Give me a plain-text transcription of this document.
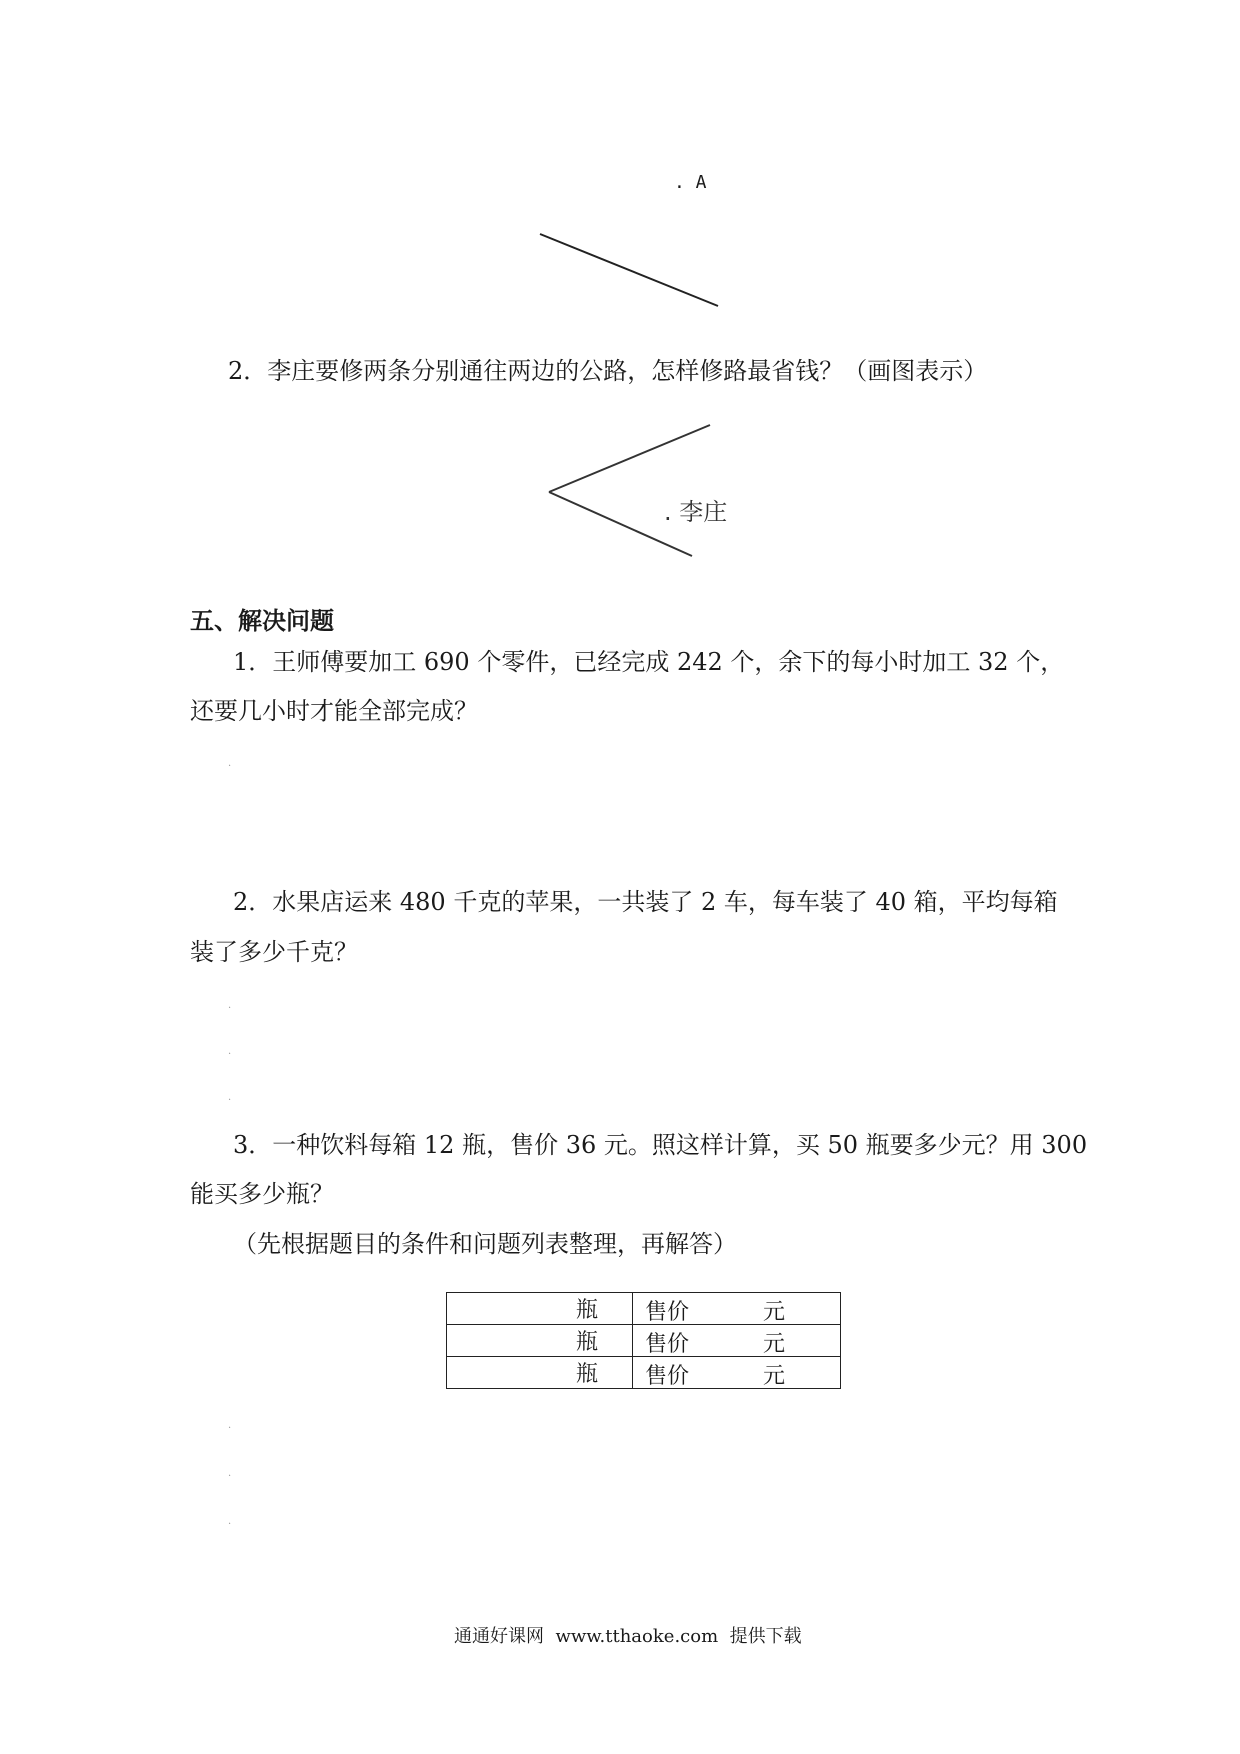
. A
2．李庄要修两条分别通往两边的公路，怎样修路最省钱？（画图表示）
. 李庄
五、解决问题
1．王师傅要加工 690 个零件，已经完成 242 个，余下的每小时加工 32 个，
还要几小时才能全部完成？
.
2．水果店运来 480 千克的苹果，一共装了 2 车，每车装了 40 箱，平均每箱
装了多少千克？
.
.
.
3．一种饮料每箱 12 瓶，售价 36 元。照这样计算，买 50 瓶要多少元？用 300
能买多少瓶？
（先根据题目的条件和问题列表整理，再解答）
瓶	售价 元

瓶	售价 元

瓶	售价 元
.
.
.
通通好课网  www.tthaoke.com  提供下载
